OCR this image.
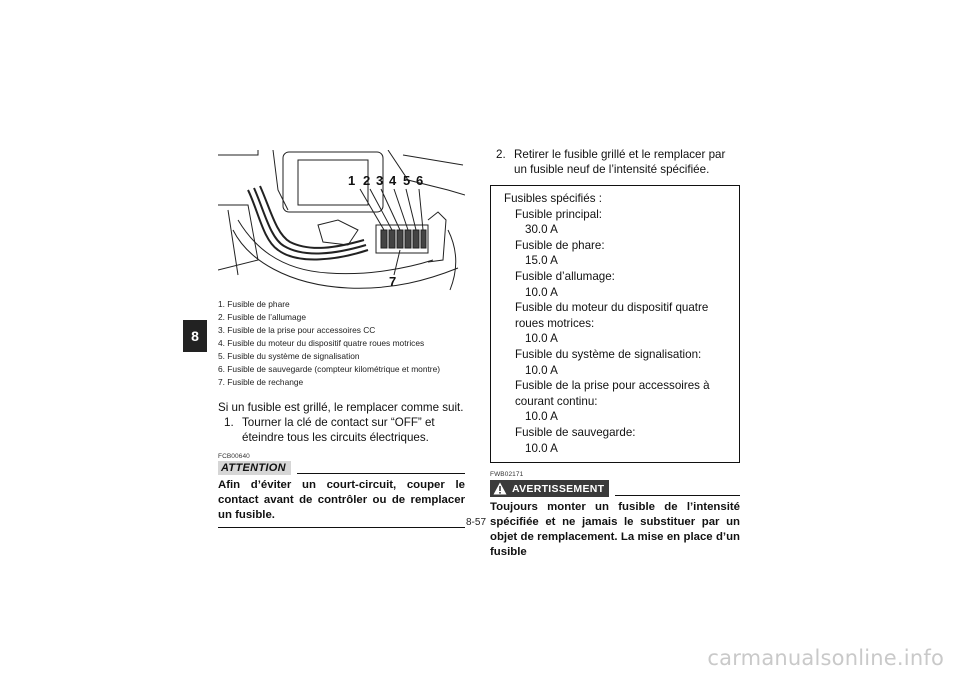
8
1 2 3 4 5 6
7
1. Fusible de phare
2. Fusible de l’allumage
3. Fusible de la prise pour accessoires CC
4. Fusible du moteur du dispositif quatre roues motrices
5. Fusible du système de signalisation
6. Fusible de sauvegarde (compteur kilométrique et montre)
7. Fusible de rechange

Si un fusible est grillé, le remplacer comme suit.

1. Tourner la clé de contact sur “OFF” et éteindre tous les circuits électriques.
FCB00640
ATTENTION
Afin d’éviter un court-circuit, couper le contact avant de contrôler ou de remplacer un fusible.
2. Retirer le fusible grillé et le remplacer par un fusible neuf de l’intensité spécifiée.
Fusibles spécifiés :
Fusible principal:
30.0 A
Fusible de phare:
15.0 A
Fusible d’allumage:
10.0 A
Fusible du moteur du dispositif quatre roues motrices:
10.0 A
Fusible du système de signalisation:
10.0 A
Fusible de la prise pour accessoires à courant continu:
10.0 A
Fusible de sauvegarde:
10.0 A
FWB02171
AVERTISSEMENT
Toujours monter un fusible de l’intensité spécifiée et ne jamais le substituer par un objet de remplacement. La mise en place d’un fusible
8-57
carmanualsonline.info
